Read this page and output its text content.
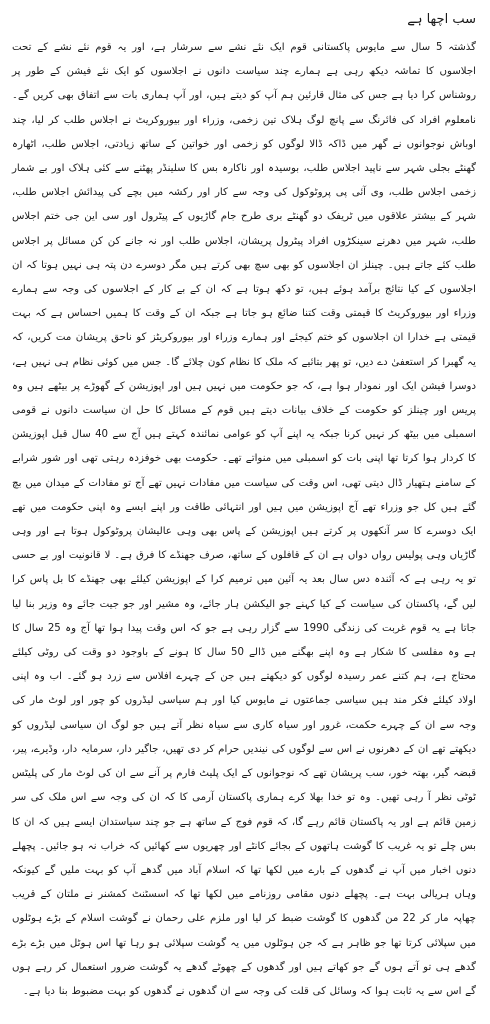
سب اچھا ہے

گذشتہ 5 سال سے مایوس پاکستانی قوم ایک نئے نشے سے سرشار ہے، اور یہ قوم نئے نشے کے تحت اجلاسوں کا تماشہ دیکھ رہی ہے ہمارے چند سیاست دانوں نے اجلاسوں کو ایک نئے فیشن کے طور پر روشناس کرا دیا ہے جس کی مثال قارئین ہم آپ کو دیتے ہیں، اور آپ ہماری بات سے اتفاق بھی کریں گے۔ نامعلوم افراد کی فائرنگ سے پانچ لوگ ہلاک تین زخمی، وزراء اور بیوروکریٹ نے اجلاس طلب کر لیا، چند اوباش نوجوانوں نے گھر میں ڈاکہ ڈالا لوگوں کو زخمی اور خواتین کے ساتھ زیادتی، اجلاس طلب، اٹھارہ گھنٹے بجلی شہر سے ناپید اجلاس طلب، بوسیدہ اور ناکارہ بس کا سلینڈر پھٹنے سے کئی ہلاک اور بے شمار زخمی اجلاس طلب، وی آئی پی پروٹوکول کی وجہ سے کار اور رکشہ میں بچے کی پیدائش اجلاس طلب، شہر کے بیشتر علاقوں میں ٹریفک دو گھنٹے بری طرح جام گاڑیوں کے پیٹرول اور سی این جی ختم اجلاس طلب، شہر میں دھرنے سینکڑوں افراد پیٹرول پریشان، اجلاس طلب اور نہ جانے کن کن مسائل پر اجلاس طلب کئے جاتے ہیں۔ چینلز ان اجلاسوں کو بھی سچ بھی کرتے ہیں مگر دوسرے دن پتہ ہی نہیں ہوتا کہ ان اجلاسوں کے کیا نتائج برآمد ہوئے ہیں، تو دکھ ہوتا ہے کہ ان کے بے کار کے اجلاسوں کی وجہ سے ہمارے وزراء اور بیوروکریٹ کا قیمتی وقت کتنا ضائع ہو جاتا ہے جبکہ ان کے وقت کا ہمیں احساس ہے کہ بہت قیمتی ہے خدارا ان اجلاسوں کو ختم کیجئے اور ہمارے وزراء اور بیوروکریٹز کو ناحق پریشان مت کریں، کہ یہ گھبرا کر استعفیٰ دے دیں، تو پھر بتائیے کہ ملک کا نظام کون چلائے گا۔ جس میں کوئی نظام ہی نہیں ہے، دوسرا فیشن ایک اور نمودار ہوا ہے، کہ جو حکومت میں نہیں ہیں اور اپوزیشن کے گھوڑے پر بیٹھے ہیں وہ پریس اور چینلز کو حکومت کے خلاف بیانات دیتے ہیں قوم کے مسائل کا حل ان سیاست دانوں نے قومی اسمبلی میں بیٹھ کر نہیں کرنا جبکہ یہ اپنے آپ کو عوامی نمائندہ کہتے ہیں آج سے 40 سال قبل اپوزیشن کا کردار ہوا کرتا تھا اپنی بات کو اسمبلی میں منواتے تھے۔ حکومت بھی خوفزدہ رہتی تھی اور شور شرابے کے سامنے ہتھیار ڈال دیتی تھی، اس وقت کی سیاست میں مفادات نہیں تھے آج تو مفادات کے میدان میں بچ گئے ہیں کل جو وزراء تھے آج اپوزیشن میں ہیں اور انتہائی طاقت ور اپنے ایسے وہ اپنی حکومت میں تھے ایک دوسرے کا سر آنکھوں پر کرتے ہیں اپوزیشن کے پاس بھی وہی عالیشان پروٹوکول ہوتا ہے اور وہی گاڑیاں وہی پولیس رواں دواں ہے ان کے قافلوں کے ساتھ، صرف جھنڈے کا فرق ہے۔ لا قانونیت اور بے حسی تو یہ رہی ہے کہ آئندہ دس سال بعد یہ آئین میں ترمیم کرا کے اپوزیشن کیلئے بھی جھنڈے کا بل پاس کرا لیں گے، پاکستان کی سیاست کے کیا کہنے جو الیکشن ہار جائے، وہ مشیر اور جو جیت جائے وہ وزیر بنا لیا جاتا ہے یہ قوم غربت کی زندگی 1990 سے گزار رہی ہے جو کہ اس وقت پیدا ہوا تھا آج وہ 25 سال کا ہے وہ مفلسی کا شکار ہے وہ اپنے بھگنے میں ڈالے 50 سال کا ہونے کے باوجود دو وقت کی روٹی کیلئے محتاج ہے، ہم کتنے عمر رسیدہ لوگوں کو دیکھتے ہیں جن کے چہرے افلاس سے زرد ہو گئے۔ اب وہ اپنی اولاد کیلئے فکر مند ہیں سیاسی جماعتوں نے مایوس کیا اور ہم سیاسی لیڈروں کو چور اور لوٹ مار کی وجہ سے ان کے چہرے حکمت، غرور اور سیاہ کاری سے سیاہ نظر آتے ہیں جو لوگ ان سیاسی لیڈروں کو دیکھتے تھے ان کے دھرنوں نے اس سے لوگوں کی نیندیں حرام کر دی تھیں، جاگیر دار، سرمایہ دار، وڈیرے، پیر، قبضہ گیر، بھتہ خور، سب پریشان تھے کہ نوجوانوں کے ایک پلیٹ فارم پر آنے سے ان کی لوٹ مار کی پلیٹس ٹوٹی نظر آ رہی تھیں۔ وہ تو خدا بھلا کرے ہماری پاکستان آرمی کا کہ ان کی وجہ سے اس ملک کی سر زمین قائم ہے اور یہ پاکستان قائم رہے گا، کہ قوم فوج کے ساتھ ہے جو چند سیاستدان ایسے ہیں کہ ان کا بس چلے تو یہ غریب کا گوشت ہاتھوں کے بجائے کانٹے اور چھریوں سے کھائیں کہ خراب نہ ہو جائیں۔ پچھلے دنوں اخبار میں آپ نے گدھوں کے بارے میں لکھا تھا کہ اسلام آباد میں گدھے آپ کو بہت ملیں گے کیونکہ وہاں ہریالی بہت ہے۔ پچھلے دنوں مقامی روزنامے میں لکھا تھا کہ اسسٹنٹ کمشنر نے ملتان کے قریب چھاپہ مار کر 22 من گدھوں کا گوشت ضبط کر لیا اور ملزم علی رحمان نے گوشت اسلام کے بڑے ہوٹلوں میں سپلائی کرتا تھا جو ظاہر ہے کہ جن ہوٹلوں میں یہ گوشت سپلائی ہو رہا تھا اس ہوٹل میں بڑے بڑے گدھے ہی تو آتے ہوں گے جو کھاتے ہیں اور گدھوں کے چھوٹے گدھے یہ گوشت ضرور استعمال کر رہے ہوں گے اس سے یہ ثابت ہوا کہ وسائل کی قلت کی وجہ سے ان گدھوں نے گدھوں کو بہت مضبوط بنا دیا ہے۔
